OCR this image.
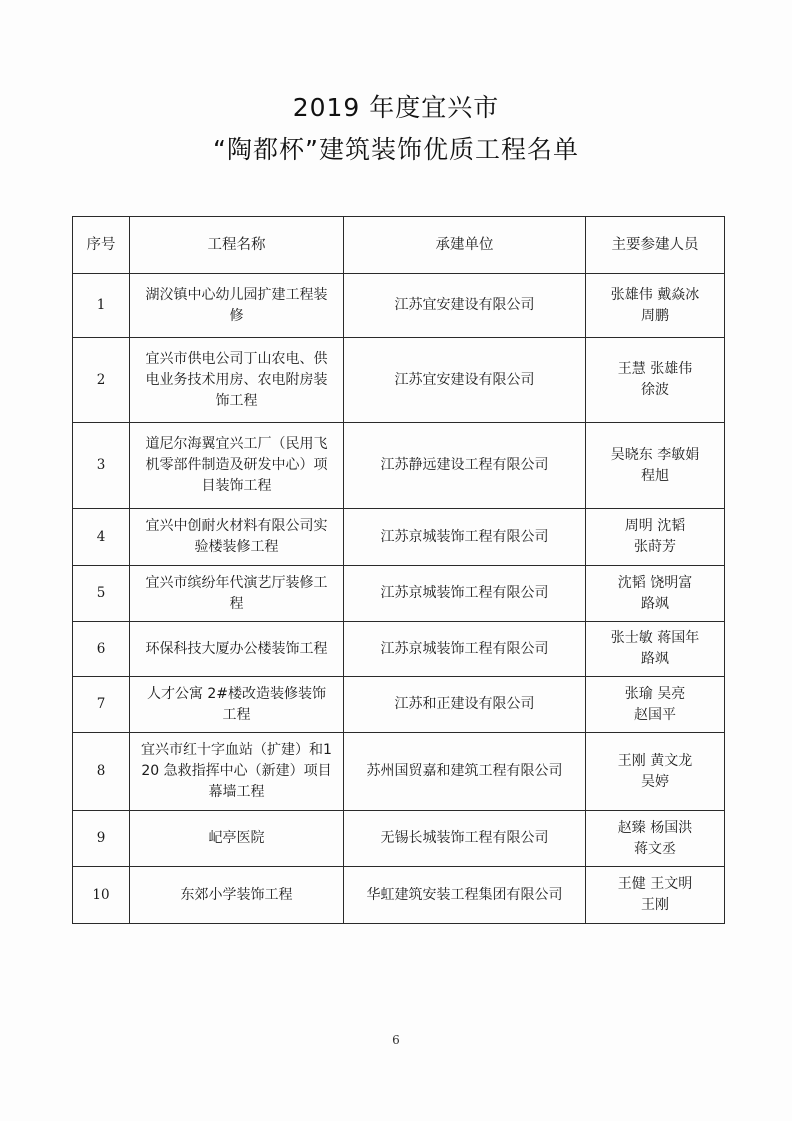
2019 年度宜兴市
“陶都杯”建筑装饰优质工程名单
序号	工程名称	承建单位	主要参建人员
1	湖㳇镇中心幼儿园扩建工程装修	江苏宜安建设有限公司	张雄伟 戴焱冰
周鹏

2	宜兴市供电公司丁山农电、供电业务技术用房、农电附房装饰工程	江苏宜安建设有限公司	王慧 张雄伟
徐波

3	道尼尔海翼宜兴工厂（民用飞机零部件制造及研发中心）项目装饰工程	江苏静远建设工程有限公司	吴晓东 李敏娟
程旭

4	宜兴中创耐火材料有限公司实验楼装修工程	江苏京城装饰工程有限公司	周明 沈韬
张莳芳

5	宜兴市缤纷年代演艺厅装修工程	江苏京城装饰工程有限公司	沈韬 饶明富
路飒

6	环保科技大厦办公楼装饰工程	江苏京城装饰工程有限公司	张士敏 蒋国年
路飒

7	人才公寓 2#楼改造装修装饰工程	江苏和正建设有限公司	张瑜 吴亮
赵国平

8	宜兴市红十字血站（扩建）和120 急救指挥中心（新建）项目幕墙工程	苏州国贸嘉和建筑工程有限公司	王刚 黄文龙
吴婷

9	屺亭医院	无锡长城装饰工程有限公司	赵臻 杨国洪
蒋文丞

10	东郊小学装饰工程	华虹建筑安装工程集团有限公司	王健 王文明
王刚
6
